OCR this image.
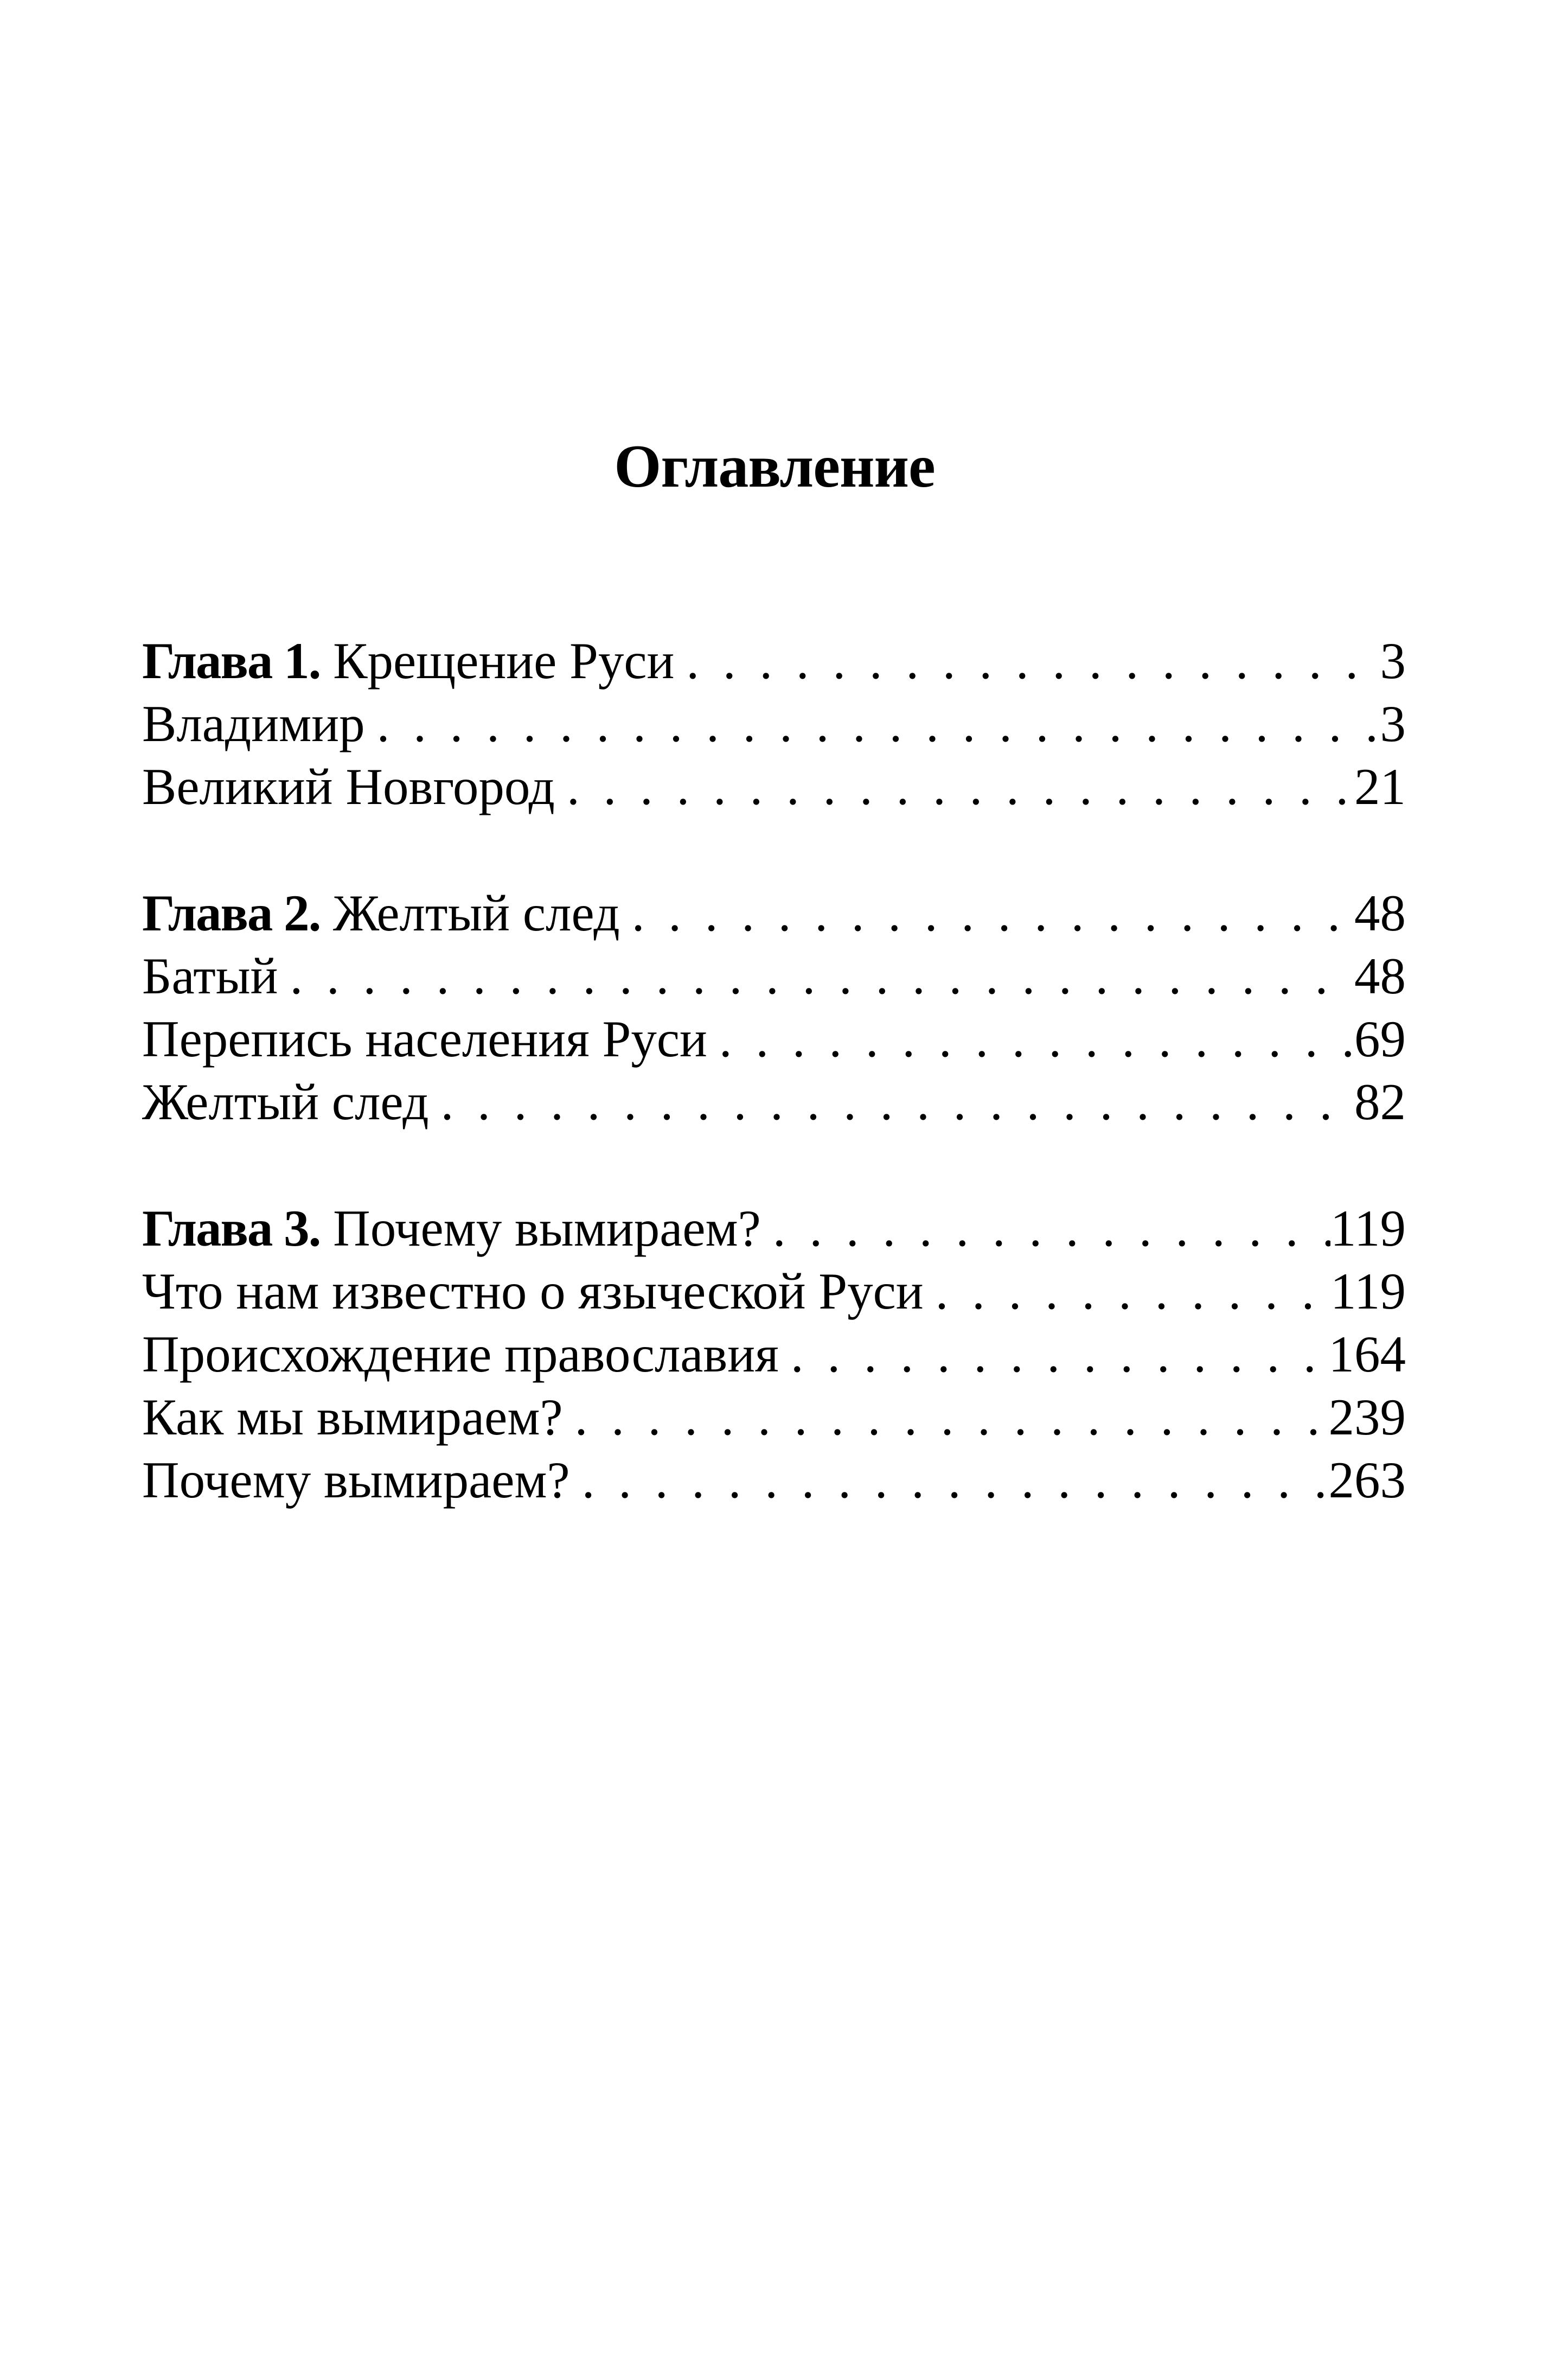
Оглавление
Глава 1. Крещение Руси . . .	3
Владимир . . .	3
Великий Новгород . . .	21
Глава 2. Желтый след . . .	48
Батый . . .	48
Перепись населения Руси . . .	69
Желтый след . . .	82
Глава 3. Почему вымираем? . . .	119
Что нам известно о языческой Руси . . .	119
Происхождение православия . . .	164
Как мы вымираем? . . .	239
Почему вымираем? . . .	263
